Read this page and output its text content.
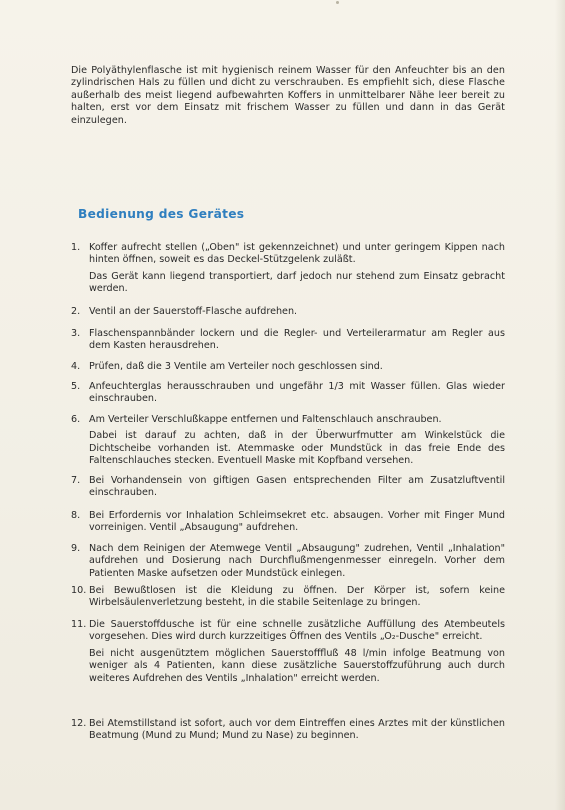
Die Polyäthylenflasche ist mit hygienisch reinem Wasser für den Anfeuchter bis an den zylindrischen Hals zu füllen und dicht zu verschrauben. Es empfiehlt sich, diese Flasche außerhalb des meist liegend aufbewahrten Koffers in unmittelbarer Nähe leer bereit zu halten, erst vor dem Einsatz mit frischem Wasser zu füllen und dann in das Gerät einzulegen.
Bedienung des Gerätes
1. Koffer aufrecht stellen („Oben" ist gekennzeichnet) und unter geringem Kippen nach hinten öffnen, soweit es das Deckel-Stützgelenk zuläßt.
Das Gerät kann liegend transportiert, darf jedoch nur stehend zum Einsatz gebracht werden.
2. Ventil an der Sauerstoff-Flasche aufdrehen.
3. Flaschenspannbänder lockern und die Regler- und Verteilerarmatur am Regler aus dem Kasten herausdrehen.
4. Prüfen, daß die 3 Ventile am Verteiler noch geschlossen sind.
5. Anfeuchterglas herausschrauben und ungefähr 1/3 mit Wasser füllen. Glas wieder einschrauben.
6. Am Verteiler Verschlußkappe entfernen und Faltenschlauch anschrauben.
Dabei ist darauf zu achten, daß in der Überwurfmutter am Winkelstück die Dichtscheibe vorhanden ist. Atemmaske oder Mundstück in das freie Ende des Faltenschlauches stecken. Eventuell Maske mit Kopfband versehen.
7. Bei Vorhandensein von giftigen Gasen entsprechenden Filter am Zusatzluftventil einschrauben.
8. Bei Erfordernis vor Inhalation Schleimsekret etc. absaugen. Vorher mit Finger Mund vorreinigen. Ventil „Absaugung" aufdrehen.
9. Nach dem Reinigen der Atemwege Ventil „Absaugung" zudrehen, Ventil „Inhalation" aufdrehen und Dosierung nach Durchflußmengenmesser einregeln. Vorher dem Patienten Maske aufsetzen oder Mundstück einlegen.
10. Bei Bewußtlosen ist die Kleidung zu öffnen. Der Körper ist, sofern keine Wirbelsäulenverletzung besteht, in die stabile Seitenlage zu bringen.
11. Die Sauerstoffdusche ist für eine schnelle zusätzliche Auffüllung des Atembeutels vorgesehen. Dies wird durch kurzzeitiges Öffnen des Ventils „O₂-Dusche" erreicht.
Bei nicht ausgenütztem möglichen Sauerstofffluß 48 l/min infolge Beatmung von weniger als 4 Patienten, kann diese zusätzliche Sauerstoffzuführung auch durch weiteres Aufdrehen des Ventils „Inhalation" erreicht werden.
12. Bei Atemstillstand ist sofort, auch vor dem Eintreffen eines Arztes mit der künstlichen Beatmung (Mund zu Mund; Mund zu Nase) zu beginnen.
